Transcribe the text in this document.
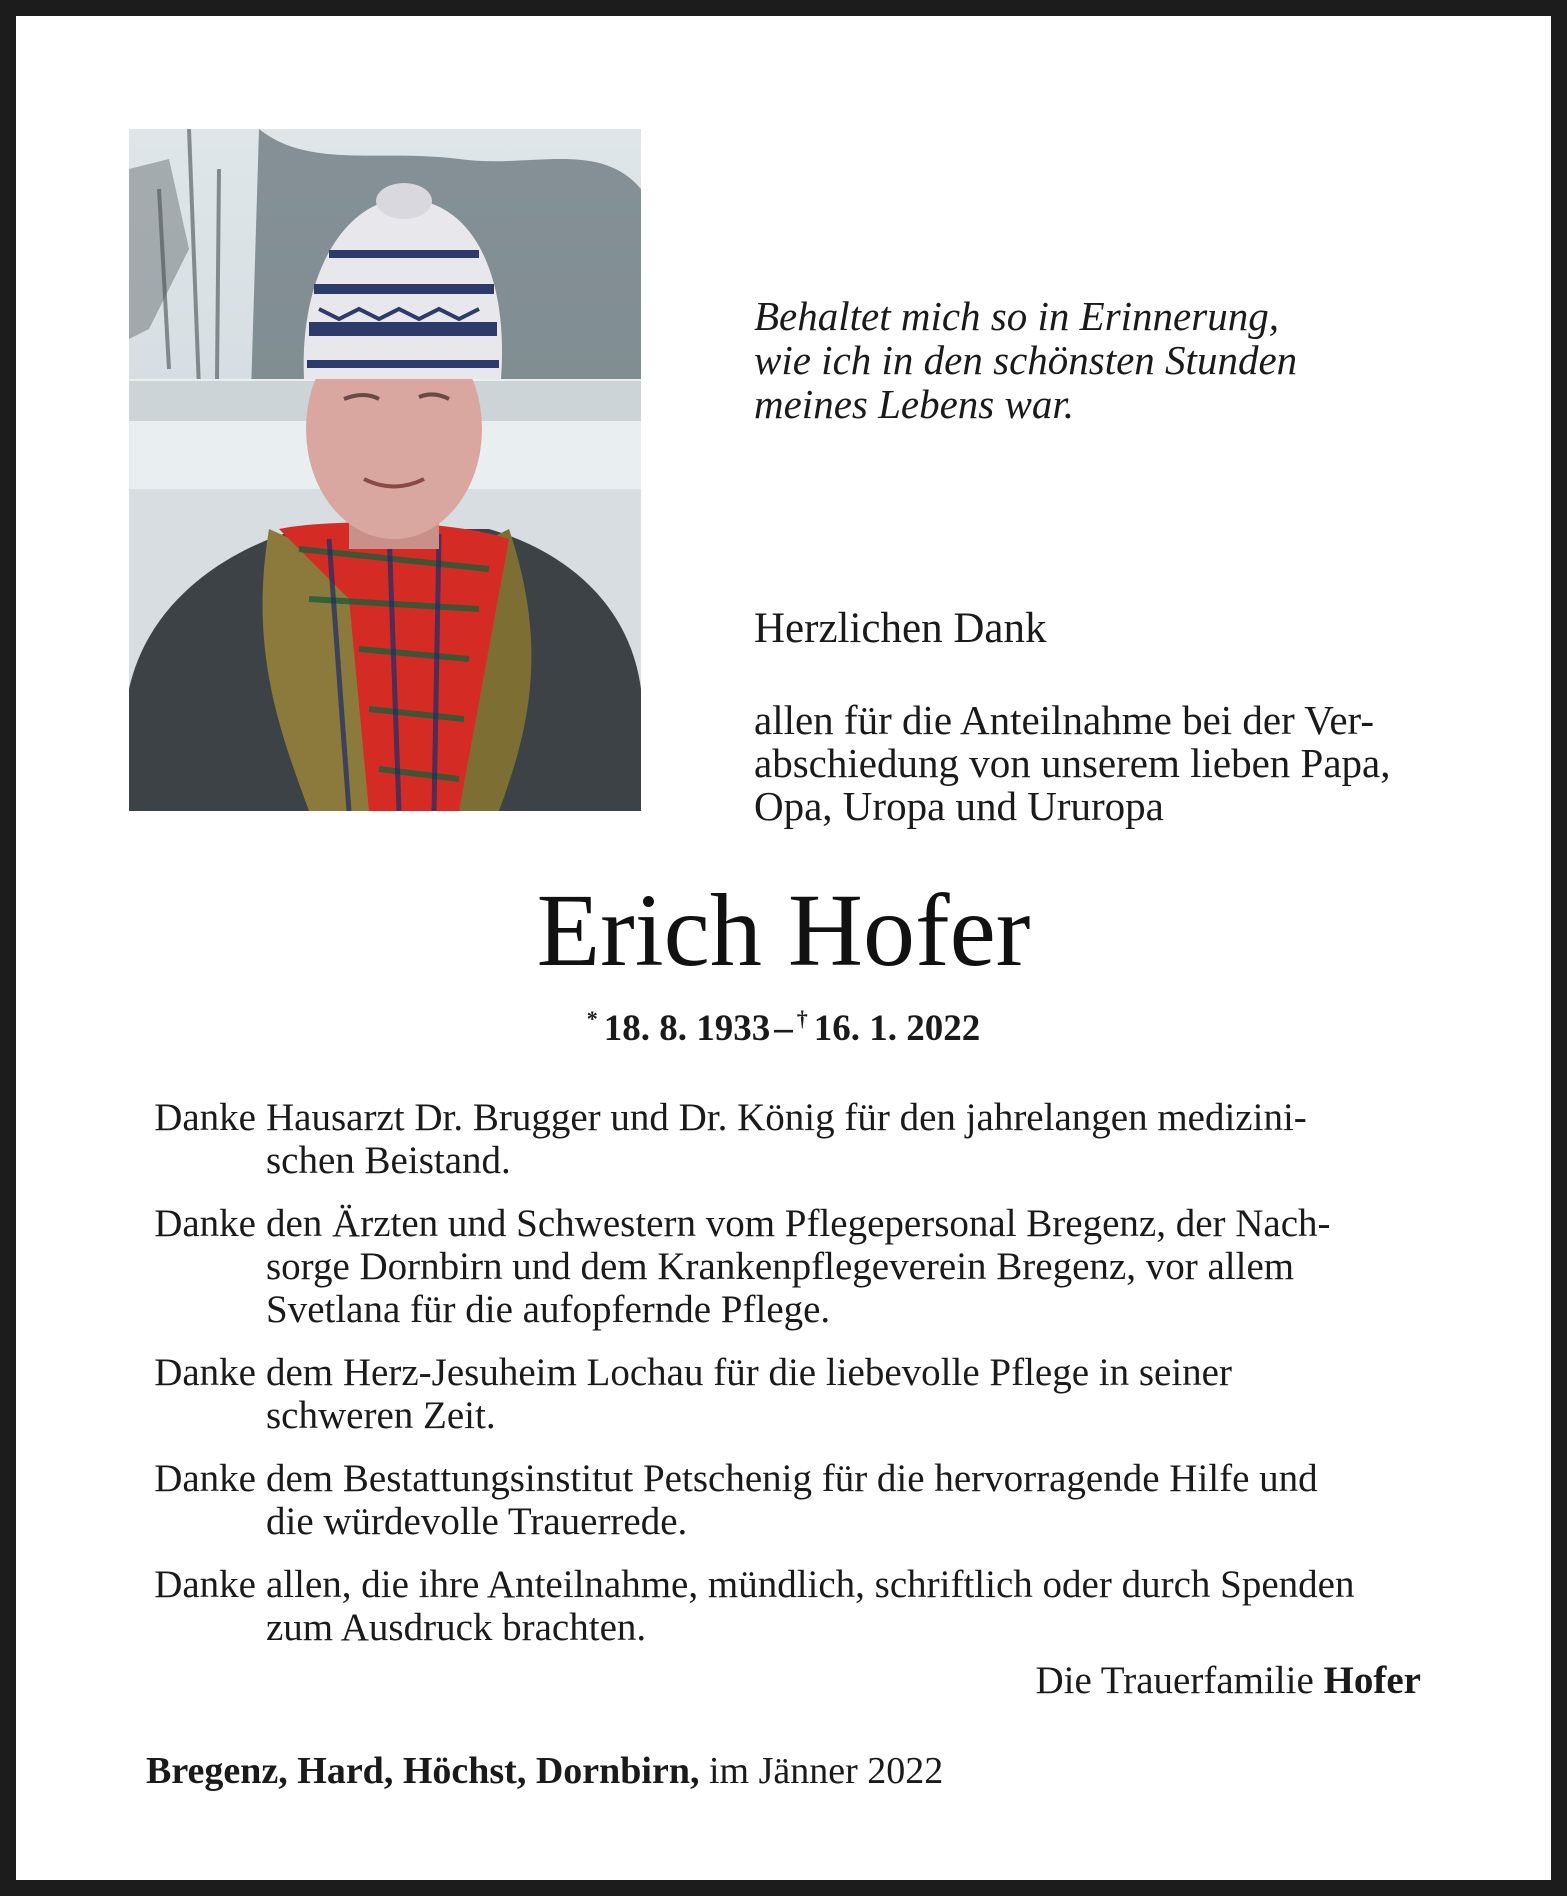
Behaltet mich so in Erinnerung,
wie ich in den schönsten Stunden
meines Lebens war.

Herzlichen Dank

allen für die Anteilnahme bei der Ver-
abschiedung von unserem lieben Papa,
Opa, Uropa und Ururopa

Erich Hofer

* 18. 8. 1933 – † 16. 1. 2022

Danke Hausarzt Dr. Brugger und Dr. König für den jahrelangen medizini-
schen Beistand.
Danke den Ärzten und Schwestern vom Pflegepersonal Bregenz, der Nach-
sorge Dornbirn und dem Krankenpflegeverein Bregenz, vor allem
Svetlana für die aufopfernde Pflege.
Danke dem Herz-Jesuheim Lochau für die liebevolle Pflege in seiner
schweren Zeit.
Danke dem Bestattungsinstitut Petschenig für die hervorragende Hilfe und
die würdevolle Trauerrede.
Danke allen, die ihre Anteilnahme, mündlich, schriftlich oder durch Spenden
zum Ausdruck brachten.

Die Trauerfamilie Hofer

Bregenz, Hard, Höchst, Dornbirn, im Jänner 2022
